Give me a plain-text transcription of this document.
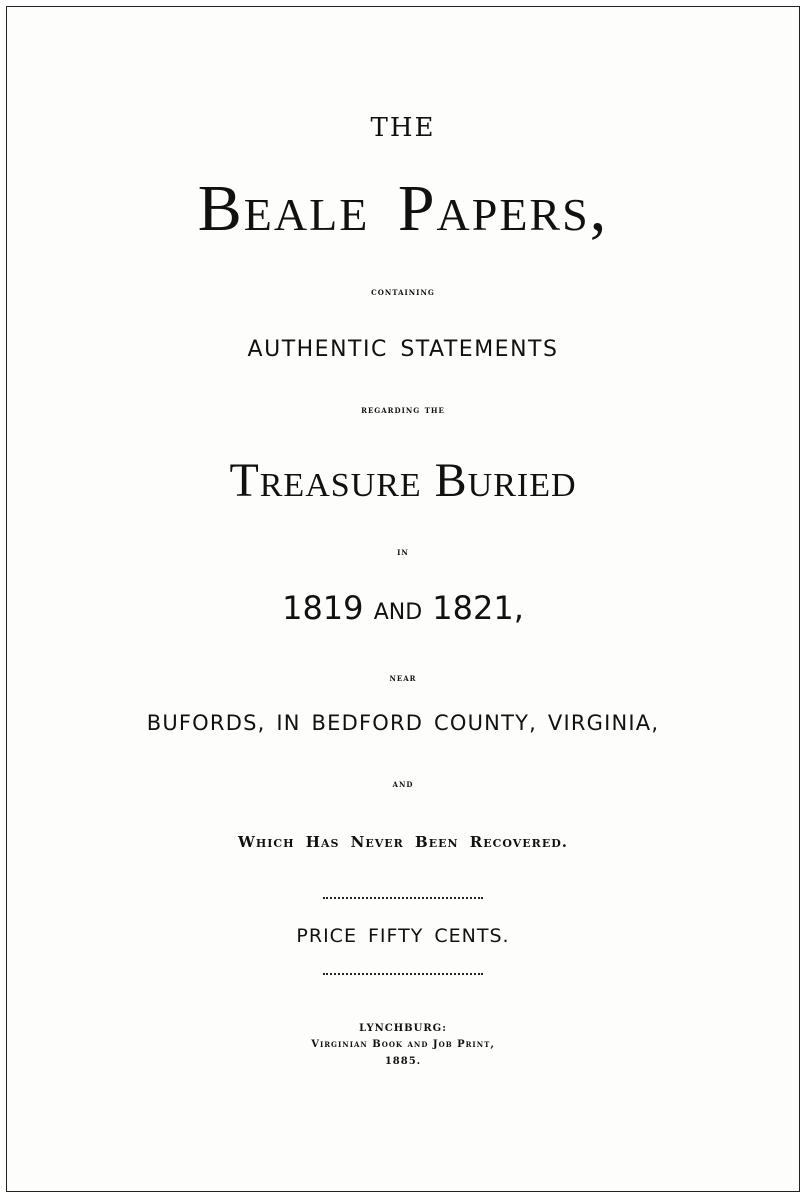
THE
Beale Papers,
containing
AUTHENTIC STATEMENTS
regarding the
Treasure Buried
in
1819 and 1821,
near
BUFORDS, IN BEDFORD COUNTY, VIRGINIA,
and
Which Has Never Been Recovered.
PRICE FIFTY CENTS.
LYNCHBURG:
Virginian Book and Job Print,
1885.
